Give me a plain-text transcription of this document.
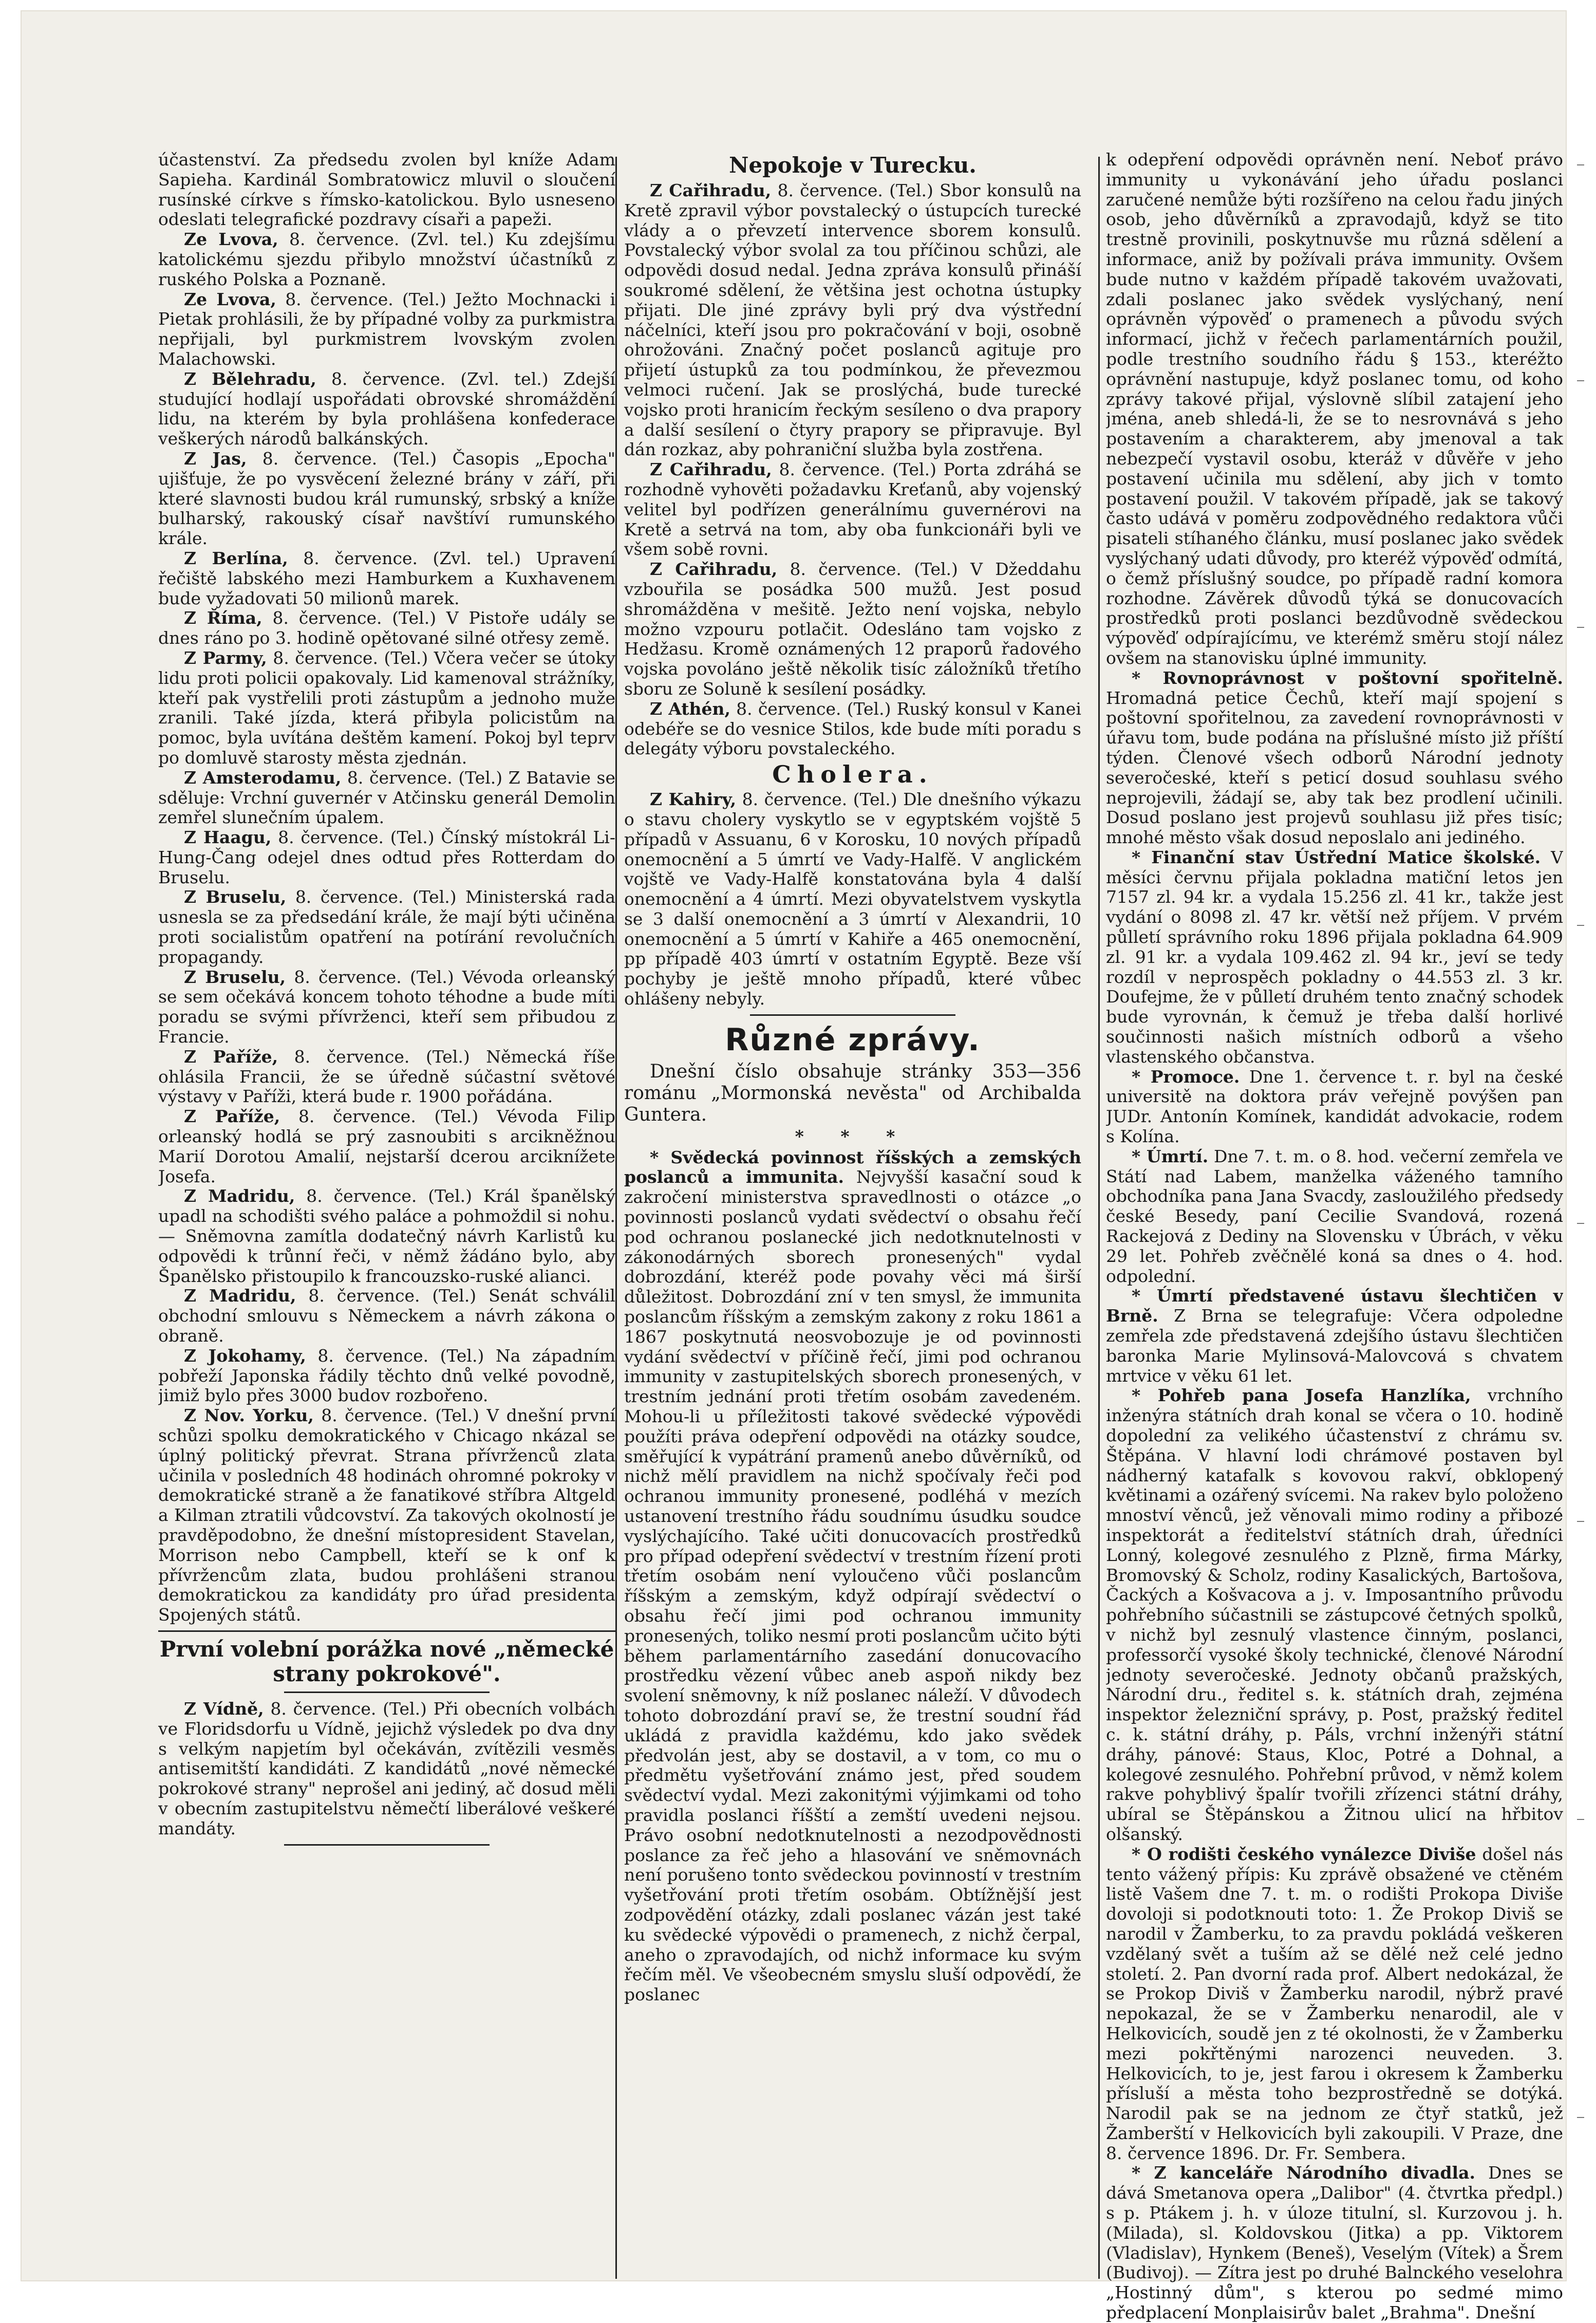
účastenství. Za předsedu zvolen byl kníže Adam Sapieha. Kardinál Sombratowicz mluvil o sloučení rusínské církve s římsko-katolickou. Bylo usneseno odeslati telegrafické pozdravy císaři a papeži.

Ze Lvova, 8. července. (Zvl. tel.) Ku zdejšímu katolickému sjezdu přibylo množství účastníků z ruského Polska a Poznaně.

Ze Lvova, 8. července. (Tel.) Ježto Mochnacki i Pietak prohlásili, že by případné volby za purkmistra nepřijali, byl purkmistrem lvovským zvolen Malachowski.

Z Bělehradu, 8. července. (Zvl. tel.) Zdejší studující hodlají uspořádati obrovské shromáždění lidu, na kterém by byla prohlášena konfederace veškerých národů balkánských.

Z Jas, 8. července. (Tel.) Časopis „Epocha" ujišťuje, že po vysvěcení železné brány v září, při které slavnosti budou král rumunský, srbský a kníže bulharský, rakouský císař navštíví rumunského krále.

Z Berlína, 8. července. (Zvl. tel.) Upravení řečiště labského mezi Hamburkem a Kuxhavenem bude vyžadovati 50 milionů marek.

Z Říma, 8. července. (Tel.) V Pistoře udály se dnes ráno po 3. hodině opětované silné otřesy země.

Z Parmy, 8. července. (Tel.) Včera večer se útoky lidu proti policii opakovaly. Lid kamenoval strážníky, kteří pak vystřelili proti zástupům a jednoho muže zranili. Také jízda, která přibyla policistům na pomoc, byla uvítána deštěm kamení. Pokoj byl teprv po domluvě starosty města zjednán.

Z Amsterodamu, 8. července. (Tel.) Z Batavie se sděluje: Vrchní guvernér v Atčinsku generál Demolin zemřel slunečním úpalem.

Z Haagu, 8. července. (Tel.) Čínský místokrál Li-Hung-Čang odejel dnes odtud přes Rotterdam do Bruselu.

Z Bruselu, 8. července. (Tel.) Ministerská rada usnesla se za předsedání krále, že mají býti učiněna proti socialistům opatření na potírání revolučních propagandy.

Z Bruselu, 8. července. (Tel.) Vévoda orleanský se sem očekává koncem tohoto téhodne a bude míti poradu se svými přívrženci, kteří sem přibudou z Francie.

Z Paříže, 8. července. (Tel.) Německá říše ohlásila Francii, že se úředně súčastní světové výstavy v Paříži, která bude r. 1900 pořádána.

Z Paříže, 8. července. (Tel.) Vévoda Filip orleanský hodlá se prý zasnoubiti s arcikněžnou Marií Dorotou Amalií, nejstarší dcerou arciknížete Josefa.

Z Madridu, 8. července. (Tel.) Král španělský upadl na schodišti svého paláce a pohmoždil si nohu. — Sněmovna zamítla dodatečný návrh Karlistů ku odpovědi k trůnní řeči, v němž žádáno bylo, aby Španělsko přistoupilo k francouzsko-ruské alianci.

Z Madridu, 8. července. (Tel.) Senát schválil obchodní smlouvu s Německem a návrh zákona o obraně.

Z Jokohamy, 8. července. (Tel.) Na západním pobřeží Japonska řádily těchto dnů velké povodně, jimiž bylo přes 3000 budov rozbořeno.

Z Nov. Yorku, 8. července. (Tel.) V dnešní první schůzi spolku demokratického v Chicago nkázal se úplný politický převrat. Strana přívrženců zlata učinila v posledních 48 hodinách ohromné pokroky v demokratické straně a že fanatikové stříbra Altgeld a Kilman ztratili vůdcovství. Za takových okolností je pravděpodobno, že dnešní místopresident Stavelan, Morrison nebo Campbell, kteří se k onf k přívržencům zlata, budou prohlášeni stranou demokratickou za kandidáty pro úřad presidenta Spojených států.

První volební porážka nové „německé strany pokrokové".

Z Vídně, 8. července. (Tel.) Při obecních volbách ve Floridsdorfu u Vídně, jejichž výsledek po dva dny s velkým napjetím byl očekáván, zvítězili vesměs antisemitští kandidáti. Z kandidátů „nové německé pokrokové strany" neprošel ani jediný, ač dosud měli v obecním zastupitelstvu němečtí liberálové veškeré mandáty.

Nepokoje v Turecku.

Z Cařihradu, 8. července. (Tel.) Sbor konsulů na Kretě zpravil výbor povstalecký o ústupcích turecké vlády a o převzetí intervence sborem konsulů. Povstalecký výbor svolal za tou příčinou schůzi, ale odpovědi dosud nedal. Jedna zpráva konsulů přináší soukromé sdělení, že většina jest ochotna ústupky přijati. Dle jiné zprávy byli prý dva výstřední náčelníci, kteří jsou pro pokračování v boji, osobně ohrožováni. Značný počet poslanců agituje pro přijetí ústupků za tou podmínkou, že převezmou velmoci ručení. Jak se proslýchá, bude turecké vojsko proti hranicím řeckým sesíleno o dva prapory a další sesílení o čtyry prapory se připravuje. Byl dán rozkaz, aby pohraniční služba byla zostřena.

Z Cařihradu, 8. července. (Tel.) Porta zdráhá se rozhodně vyhověti požadavku Kreťanů, aby vojenský velitel byl podřízen generálnímu guvernérovi na Kretě a setrvá na tom, aby oba funkcionáři byli ve všem sobě rovni.

Z Cařihradu, 8. července. (Tel.) V Džeddahu vzbouřila se posádka 500 mužů. Jest posud shromážděna v mešitě. Ježto není vojska, nebylo možno vzpouru potlačit. Odesláno tam vojsko z Hedžasu. Kromě oznámených 12 praporů řadového vojska povoláno ještě několik tisíc záložníků třetího sboru ze Soluně k sesílení posádky.

Z Athén, 8. července. (Tel.) Ruský konsul v Kanei odebéře se do vesnice Stilos, kde bude míti poradu s delegáty výboru povstaleckého.

Cholera.

Z Kahiry, 8. července. (Tel.) Dle dnešního výkazu o stavu cholery vyskytlo se v egyptském vojště 5 případů v Assuanu, 6 v Korosku, 10 nových případů onemocnění a 5 úmrtí ve Vady-Halfě. V anglickém vojště ve Vady-Halfě konstatována byla 4 další onemocnění a 4 úmrtí. Mezi obyvatelstvem vyskytla se 3 další onemocnění a 3 úmrtí v Alexandrii, 10 onemocnění a 5 úmrtí v Kahiře a 465 onemocnění, pp případě 403 úmrtí v ostatním Egyptě. Beze vší pochyby je ještě mnoho případů, které vůbec ohlášeny nebyly.

Různé zprávy.

Dnešní číslo obsahuje stránky 353—356 románu „Mormonská nevěsta" od Archibalda Guntera.

* * *

* Svědecká povinnost říšských a zemských poslanců a immunita. Nejvyšší kasační soud k zakročení ministerstva spravedlnosti o otázce „o povinnosti poslanců vydati svědectví o obsahu řečí pod ochranou poslanecké jich nedotknutelnosti v zákonodárných sborech pronesených" vydal dobrozdání, kteréž pode povahy věci má širší důležitost. Dobrozdání zní v ten smysl, že immunita poslancům říšským a zemským zakony z roku 1861 a 1867 poskytnutá neosvobozuje je od povinnosti vydání svědectví v příčině řečí, jimi pod ochranou immunity v zastupitelských sborech pronesených, v trestním jednání proti třetím osobám zavedeném. Mohou-li u příležitosti takové svědecké výpovědi použíti práva odepření odpovědi na otázky soudce, směřující k vypátrání pramenů anebo důvěrníků, od nichž mělí pravidlem na nichž spočívaly řeči pod ochranou immunity pronesené, podléhá v mezích ustanovení trestního řádu soudnímu úsudku soudce vyslýchajícího. Také učiti donucovacích prostředků pro případ odepření svědectví v trestním řízení proti třetím osobám není vyloučeno vůči poslancům říšským a zemským, když odpírají svědectví o obsahu řečí jimi pod ochranou immunity pronesených, toliko nesmí proti poslancům učito býti během parlamentárního zasedání donucovacího prostředku vězení vůbec aneb aspoň nikdy bez svolení sněmovny, k níž poslanec náleží. V důvodech tohoto dobrozdání praví se, že trestní soudní řád ukládá z pravidla každému, kdo jako svědek předvolán jest, aby se dostavil, a v tom, co mu o předmětu vyšetřování známo jest, před soudem svědectví vydal. Mezi zakonitými výjimkami od toho pravidla poslanci říšští a zemští uvedeni nejsou. Právo osobní nedotknutelnosti a nezodpovědnosti poslance za řeč jeho a hlasování ve sněmovnách není porušeno tonto svědeckou povinností v trestním vyšetřování proti třetím osobám. Obtížnější jest zodpovědění otázky, zdali poslanec vázán jest také ku svědecké výpovědi o pramenech, z nichž čerpal, aneho o zpravodajích, od nichž informace ku svým řečím měl. Ve všeobecném smyslu sluší odpovědí, že poslanec

k odepření odpovědi oprávněn není. Neboť právo immunity u vykonávání jeho úřadu poslanci zaručené nemůže býti rozšířeno na celou řadu jiných osob, jeho důvěrníků a zpravodajů, když se tito trestně provinili, poskytnuvše mu různá sdělení a informace, aniž by požívali práva immunity. Ovšem bude nutno v každém případě takovém uvažovati, zdali poslanec jako svědek vyslýchaný, není oprávněn výpověď o pramenech a původu svých informací, jichž v řečech parlamentárních použil, podle trestního soudního řádu § 153., kteréžto oprávnění nastupuje, když poslanec tomu, od koho zprávy takové přijal, výslovně slíbil zatajení jeho jména, aneb shledá-li, že se to nesrovnává s jeho postavením a charakterem, aby jmenoval a tak nebezpečí vystavil osobu, kteráž v důvěře v jeho postavení učinila mu sdělení, aby jich v tomto postavení použil. V takovém případě, jak se takový často udává v poměru zodpovědného redaktora vůči pisateli stíhaného článku, musí poslanec jako svědek vyslýchaný udati důvody, pro kteréž výpověď odmítá, o čemž příslušný soudce, po případě radní komora rozhodne. Závěrek důvodů týká se donucovacích prostředků proti poslanci bezdůvodně svědeckou výpověď odpírajícímu, ve kterémž směru stojí nález ovšem na stanovisku úplné immunity.

* Rovnoprávnost v poštovní spořitelně. Hromadná petice Čechů, kteří mají spojení s poštovní spořitelnou, za zavedení rovnoprávnosti v úřavu tom, bude podána na příslušné místo již příští týden. Členové všech odborů Národní jednoty severočeské, kteří s peticí dosud souhlasu svého neprojevili, žádají se, aby tak bez prodlení učinili. Dosud poslano jest projevů souhlasu již přes tisíc; mnohé město však dosud neposlalo ani jediného.

* Finanční stav Ústřední Matice školské. V měsíci červnu přijala pokladna matiční letos jen 7157 zl. 94 kr. a vydala 15.256 zl. 41 kr., takže jest vydání o 8098 zl. 47 kr. větší než příjem. V prvém půlletí správního roku 1896 přijala pokladna 64.909 zl. 91 kr. a vydala 109.462 zl. 94 kr., jeví se tedy rozdíl v neprospěch pokladny o 44.553 zl. 3 kr. Doufejme, že v půlletí druhém tento značný schodek bude vyrovnán, k čemuž je třeba další horlivé součinnosti našich místních odborů a všeho vlastenského občanstva.

* Promoce. Dne 1. července t. r. byl na české universitě na doktora práv veřejně povýšen pan JUDr. Antonín Komínek, kandidát advokacie, rodem s Kolína.

* Úmrtí. Dne 7. t. m. o 8. hod. večerní zemřela ve Státí nad Labem, manželka váženého tamního obchodníka pana Jana Svacdy, zasloužilého předsedy české Besedy, paní Cecilie Svandová, rozená Rackejová z Dediny na Slovensku v Úbrách, v věku 29 let. Pohřeb zvěčnělé koná sa dnes o 4. hod. odpolední.

* Úmrtí představené ústavu šlechtičen v Brně. Z Brna se telegrafuje: Včera odpoledne zemřela zde představená zdejšího ústavu šlechtičen baronka Marie Mylinsová-Malovcová s chvatem mrtvice v věku 61 let.

* Pohřeb pana Josefa Hanzlíka, vrchního inženýra státních drah konal se včera o 10. hodině dopolední za velikého účastenství z chrámu sv. Štěpána. V hlavní lodi chrámové postaven byl nádherný katafalk s kovovou rakví, obklopený květinami a ozářený svícemi. Na rakev bylo položeno mnoství věnců, jež věnovali mimo rodiny a přibozé inspektorát a ředitelství státních drah, úředníci Lonný, kolegové zesnulého z Plzně, firma Márky, Bromovský & Scholz, rodiny Kasalických, Bartošova, Čackých a Košvacova a j. v. Imposantního průvodu pohřebního súčastnili se zástupcové četných spolků, v nichž byl zesnulý vlastence činným, poslanci, professorčí vysoké školy technické, členové Národní jednoty severočeské. Jednoty občanů pražských, Národní dru., ředitel s. k. státních drah, zejména inspektor železniční správy, p. Post, pražský ředitel c. k. státní dráhy, p. Páls, vrchní inženýři státní dráhy, pánové: Staus, Kloc, Potré a Dohnal, a kolegové zesnulého. Pohřební průvod, v němž kolem rakve pohyblivý špalír tvořili zřízenci státní dráhy, ubíral se Štěpánskou a Žitnou ulicí na hřbitov olšanský.

* O rodišti českého vynálezce Diviše došel nás tento vážený přípis: Ku zprávě obsažené ve ctěném listě Vašem dne 7. t. m. o rodišti Prokopa Diviše dovoloji si podotknouti toto: 1. Že Prokop Diviš se narodil v Žamberku, to za pravdu pokládá veškeren vzdělaný svět a tuším až se dělé než celé jedno století. 2. Pan dvorní rada prof. Albert nedokázal, že se Prokop Diviš v Žamberku narodil, nýbrž pravé nepokazal, že se v Žamberku nenarodil, ale v Helkovicích, soudě jen z té okolnosti, že v Žamberku mezi pokřtěnými narozenci neuveden. 3. Helkovicích, to je, jest farou i okresem k Žamberku přísluší a města toho bezprostředně se dotýká. Narodil pak se na jednom ze čtyř statků, jež Žamberští v Helkovicích byli zakoupili. V Praze, dne 8. července 1896. Dr. Fr. Sembera.

* Z kanceláře Národního divadla. Dnes se dává Smetanova opera „Dalibor" (4. čtvrtka předpl.) s p. Ptákem j. h. v úloze titulní, sl. Kurzovou j. h. (Milada), sl. Koldovskou (Jitka) a pp. Viktorem (Vladislav), Hynkem (Beneš), Veselým (Vítek) a Šrem (Budivoj). — Zítra jest po druhé Balnckého veselohra „Hostinný dům", s kterou po sedmé mimo předplacení Monplaisirův balet „Brahma". Dnešní
